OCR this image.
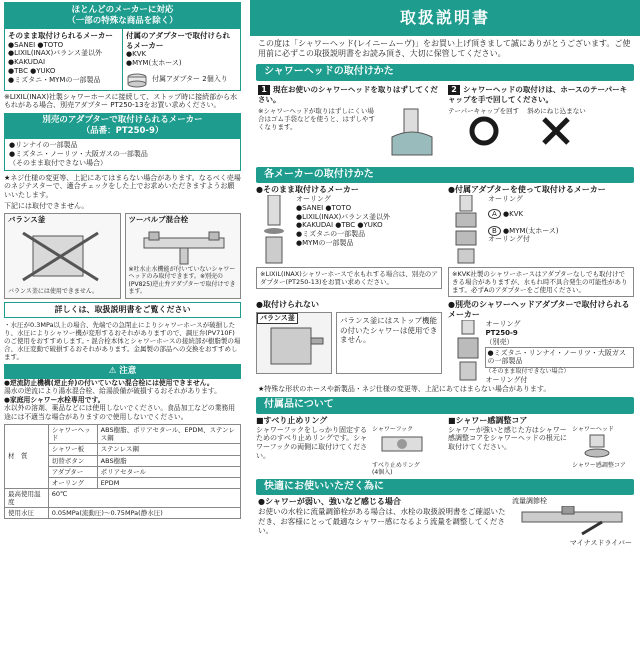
ほとんどのメーカーに対応
（一部の特殊な商品を除く）
そのまま取付けられるメーカー
●SANEI ●TOTO
●LIXIL(INAX)バランス釜以外 ●KAKUDAI
●TBC ●YUKO
●ミズタニ・MYMの一部製品
付属のアダプターで取付けられるメーカー
●KVK
●MYM(太ホース)
付属アダプター 2個入り
※LIXIL(INAX)社製シャワーホースに接続して、ストップ時に接続部から水もれがある場合、別売アダプター PT250-13をお買い求めください。
別売のアダプターで取付けられるメーカー
（品番：PT250-9）
●リンナイの一部製品
●ミズタニ・ノーリツ・大阪ガスの一部製品
（そのまま取付できない場合）
★ネジ仕様の変更等、上記にあてはまらない場合があります。なるべく売場のネジテスターで、適合チェックをした上でお求めいただきますようお願いいたします。
下記には取付できません。
バランス釜
バランス釜には使用できません。
ツーバルブ混合栓
※吐水止水機能が付いていないシャワーヘッドのみ取付できます。※別売の(PV825)逆止弁アダプターで取付けできます。
詳しくは、取扱説明書をご覧ください
・水圧が0.3MPa以上の場合、先端での急閉止によりシャワーホースが破損したり、水圧によりシャワー機が変形するおそれがありますので、調圧弁(PV710F)のご使用をおすすめします。・混合栓本体とシャワーホースの接続部が樹脂製の場合、水圧変動で破損するおそれがあります。金属製の部品への交換をおすすめします。
⚠ 注意
●逆流防止機構(逆止弁)の付いていない混合栓には使用できません。
湯水の逆流により湯水混合栓、給湯設備が破損するおそれがあります。
●家庭用シャワー水栓専用です。
水以外の溶剤、薬品などには使用しないでください。食品加工などの業務用途には不適当な場合がありますので使用しないでください。
材　質	シャワーヘッド	ABS樹脂、ポリアセタール、EPDM、ステンレス鋼
	シャワー板	ステンレス鋼
	切替ボタン	ABS樹脂
	アダプター	ポリアセタール
	オーリング	EPDM
最高使用温度	60℃	
使用水圧	0.05MPa(流動圧)〜0.75MPa(静水圧)	
取扱説明書
この度は「シャワーヘッド(レイニームーヴ)」をお買い上げ頂きまして誠にありがとうございます。ご使用前に必ずこの取扱説明書をお読み頂き、大切に保管してください。
シャワーヘッドの取付けかた
1 現在お使いのシャワーヘッドを取りはずしてください。
※シャワーヘッドが取りはずしにくい場合はゴム手袋などを使うと、はずしやすくなります。
2 シャワーヘッドの取付けは、ホースのテーパーキャップを手で回してください。
テーパーキャップを回す 斜めにねじ込まない
各メーカーの取付けかた
●そのまま取付けるメーカー
オーリング
●SANEI ●TOTO
●LIXIL(INAX)バランス釜以外
●KAKUDAI ●TBC ●YUKO
●ミズタニの一部製品
●MYMの一部製品
※LIXIL(INAX)シャワーホースで水もれする場合は、別売のアダプター(PT250-13)をお買い求めください。
●付属アダプターを使って取付けるメーカー
オーリング
A ●KVK
B ●MYM(太ホース)
オーリング付
※KVK社製のシャワーホースはアダプターなしでも取付けできる場合がありますが、水もれ時不具合発生の可能性があります。必ずAのアダプターをご使用ください。
●取付けられない
バランス釜	バランス釜にはストップ機能の付いたシャワーは使用できません。
●別売のシャワーヘッドアダプターで取付けられるメーカー
オーリング
PT250-9
（別売）
●ミズタニ・リンナイ・ノーリツ・大阪ガスの一部製品
（そのまま取付できない場合）
オーリング付
★特殊な形状のホースや新製品・ネジ仕様の変更等、上記にあてはまらない場合があります。
付属品について
■すべり止めリング
シャワーフックをしっかり固定するためのすべり止めリングです。シャワーフックの両側に取付けてください。
シャワーフック
すべり止めリング
(4個入)
■シャワー感調整コア
シャワーが強いと感じた方はシャワー感調整コアをシャワーヘッドの根元に取付けてください。
シャワーヘッド
シャワー感調整コア
快適にお使いいただく為に
●シャワーが弱い、強いなど感じる場合
お使いの水栓に流量調節栓がある場合は、水栓の取扱説明書をご確認いただき、お客様にとって最適なシャワー感になるよう流量を調整してください。
流量調節栓
マイナスドライバー
